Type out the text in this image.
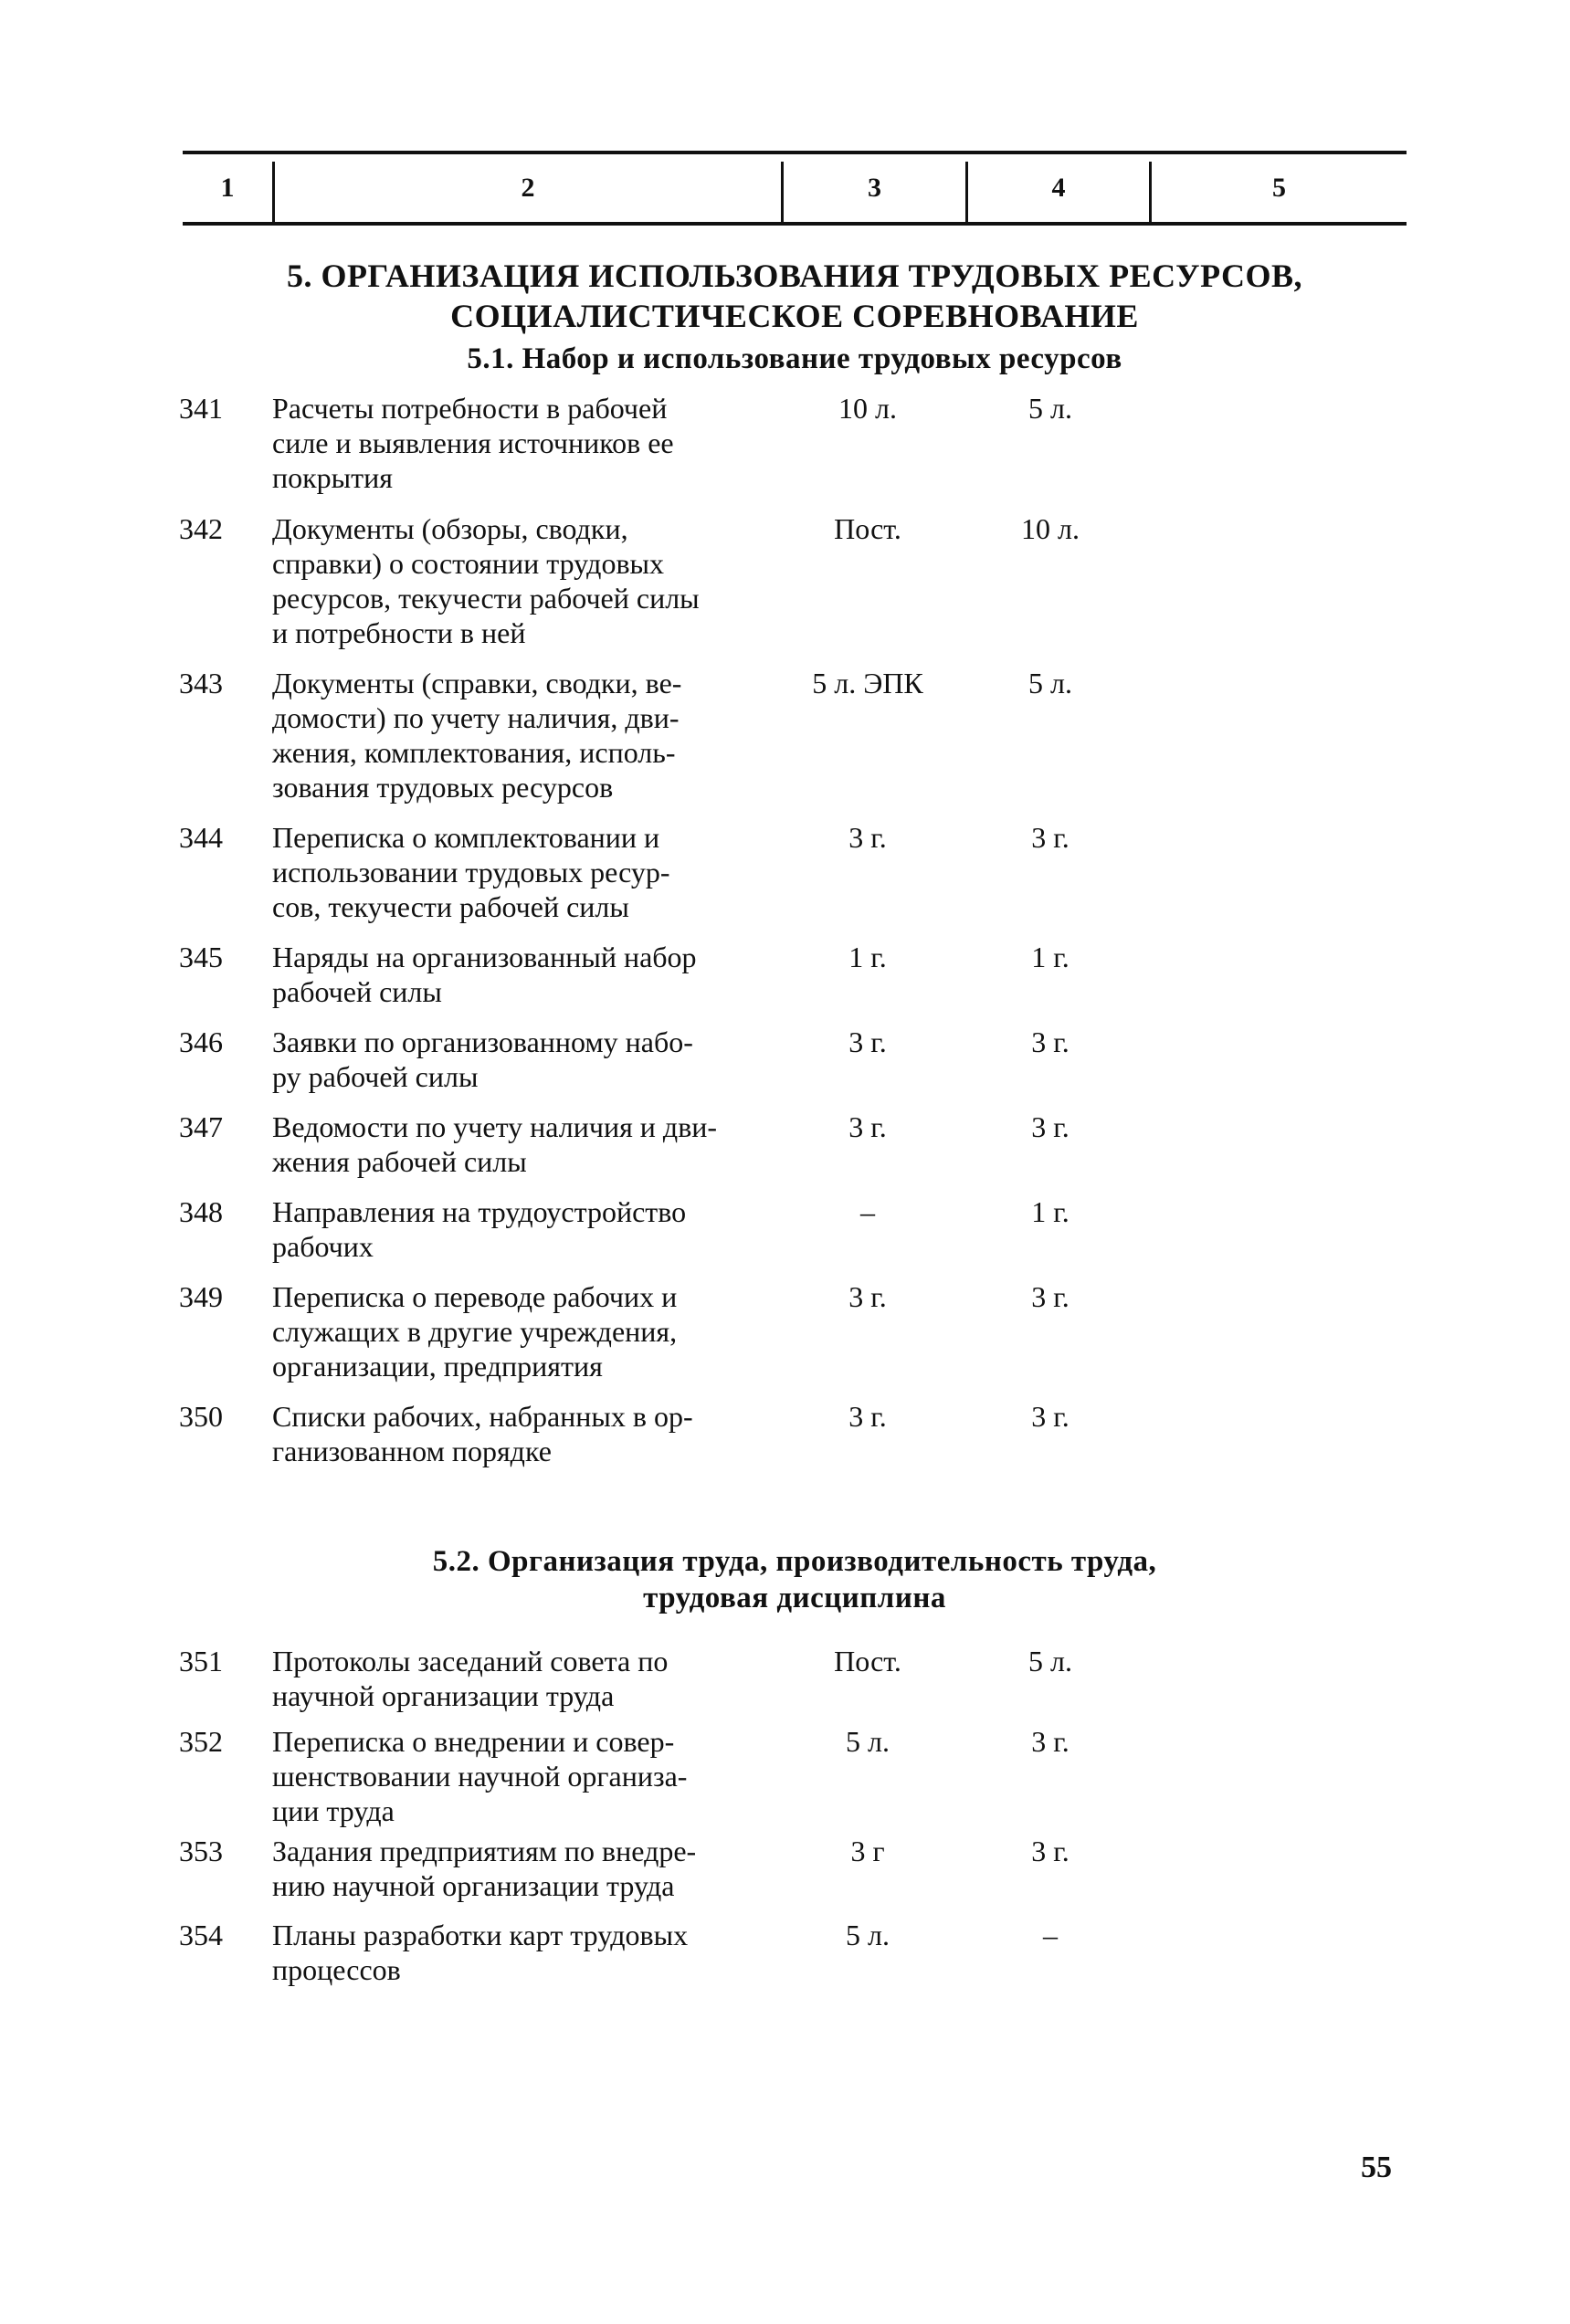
1	2	3	4	5
5. ОРГАНИЗАЦИЯ ИСПОЛЬЗОВАНИЯ ТРУДОВЫХ РЕСУРСОВ,
СОЦИАЛИСТИЧЕСКОЕ СОРЕВНОВАНИЕ
5.1. Набор и использование трудовых ресурсов
341 Расчеты потребности в рабочей
силе и выявления источников ее
покрытия
10 л.	5 л.
342 Документы (обзоры, сводки,
справки) о состоянии трудовых
ресурсов, текучести рабочей силы
и потребности в ней
Пост.	10 л.
343 Документы (справки, сводки, ве-
домости) по учету наличия, дви-
жения, комплектования, исполь-
зования трудовых ресурсов
5 л. ЭПК	5 л.
344 Переписка о комплектовании и
использовании трудовых ресур-
сов, текучести рабочей силы
3 г.	3 г.
345 Наряды на организованный набор
рабочей силы
1 г.	1 г.
346 Заявки по организованному набо-
ру рабочей силы
3 г.	3 г.
347 Ведомости по учету наличия и дви-
жения рабочей силы
3 г.	3 г.
348 Направления на трудоустройство
рабочих
–	1 г.
349 Переписка о переводе рабочих и
служащих в другие учреждения,
организации, предприятия
3 г.	3 г.
350 Списки рабочих, набранных в ор-
ганизованном порядке
3 г.	3 г.
5.2. Организация труда, производительность труда,
трудовая дисциплина
351 Протоколы заседаний совета по
научной организации труда
Пост.	5 л.
352 Переписка о внедрении и совер-
шенствовании научной организа-
ции труда
5 л.	3 г.
353 Задания предприятиям по внедре-
нию научной организации труда
3 г	3 г.
354 Планы разработки карт трудовых
процессов
5 л.	–
55
